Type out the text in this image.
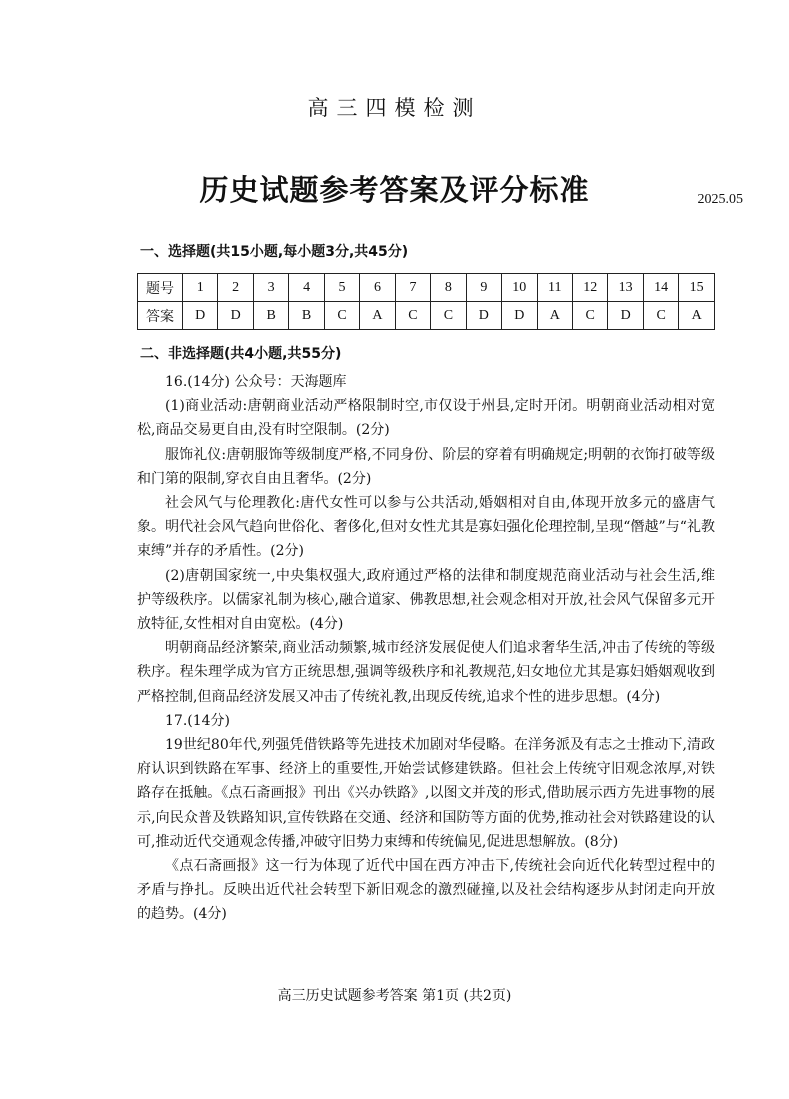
高三四模检测
历史试题参考答案及评分标准	2025.05
一、选择题(共15小题,每小题3分,共45分)
题号	1	2	3	4	5	6	7	8	9	10	11	12	13	14	15
答案	D	D	B	B	C	A	C	C	D	D	A	C	D	C	A
二、非选择题(共4小题,共55分)

16.(14分) 公众号：天海题库

(1)商业活动:唐朝商业活动严格限制时空,市仅设于州县,定时开闭。明朝商业活动相对宽松,商品交易更自由,没有时空限制。(2分)

服饰礼仪:唐朝服饰等级制度严格,不同身份、阶层的穿着有明确规定;明朝的衣饰打破等级和门第的限制,穿衣自由且奢华。(2分)

社会风气与伦理教化:唐代女性可以参与公共活动,婚姻相对自由,体现开放多元的盛唐气象。明代社会风气趋向世俗化、奢侈化,但对女性尤其是寡妇强化伦理控制,呈现“僭越”与“礼教束缚”并存的矛盾性。(2分)

(2)唐朝国家统一,中央集权强大,政府通过严格的法律和制度规范商业活动与社会生活,维护等级秩序。以儒家礼制为核心,融合道家、佛教思想,社会观念相对开放,社会风气保留多元开放特征,女性相对自由宽松。(4分)

明朝商品经济繁荣,商业活动频繁,城市经济发展促使人们追求奢华生活,冲击了传统的等级秩序。程朱理学成为官方正统思想,强调等级秩序和礼教规范,妇女地位尤其是寡妇婚姻观收到严格控制,但商品经济发展又冲击了传统礼教,出现反传统,追求个性的进步思想。(4分)

17.(14分)

19世纪80年代,列强凭借铁路等先进技术加剧对华侵略。在洋务派及有志之士推动下,清政府认识到铁路在军事、经济上的重要性,开始尝试修建铁路。但社会上传统守旧观念浓厚,对铁路存在抵触。《点石斋画报》刊出《兴办铁路》,以图文并茂的形式,借助展示西方先进事物的展示,向民众普及铁路知识,宣传铁路在交通、经济和国防等方面的优势,推动社会对铁路建设的认可,推动近代交通观念传播,冲破守旧势力束缚和传统偏见,促进思想解放。(8分)

《点石斋画报》这一行为体现了近代中国在西方冲击下,传统社会向近代化转型过程中的矛盾与挣扎。反映出近代社会转型下新旧观念的激烈碰撞,以及社会结构逐步从封闭走向开放的趋势。(4分)

高三历史试题参考答案 第1页 (共2页)
